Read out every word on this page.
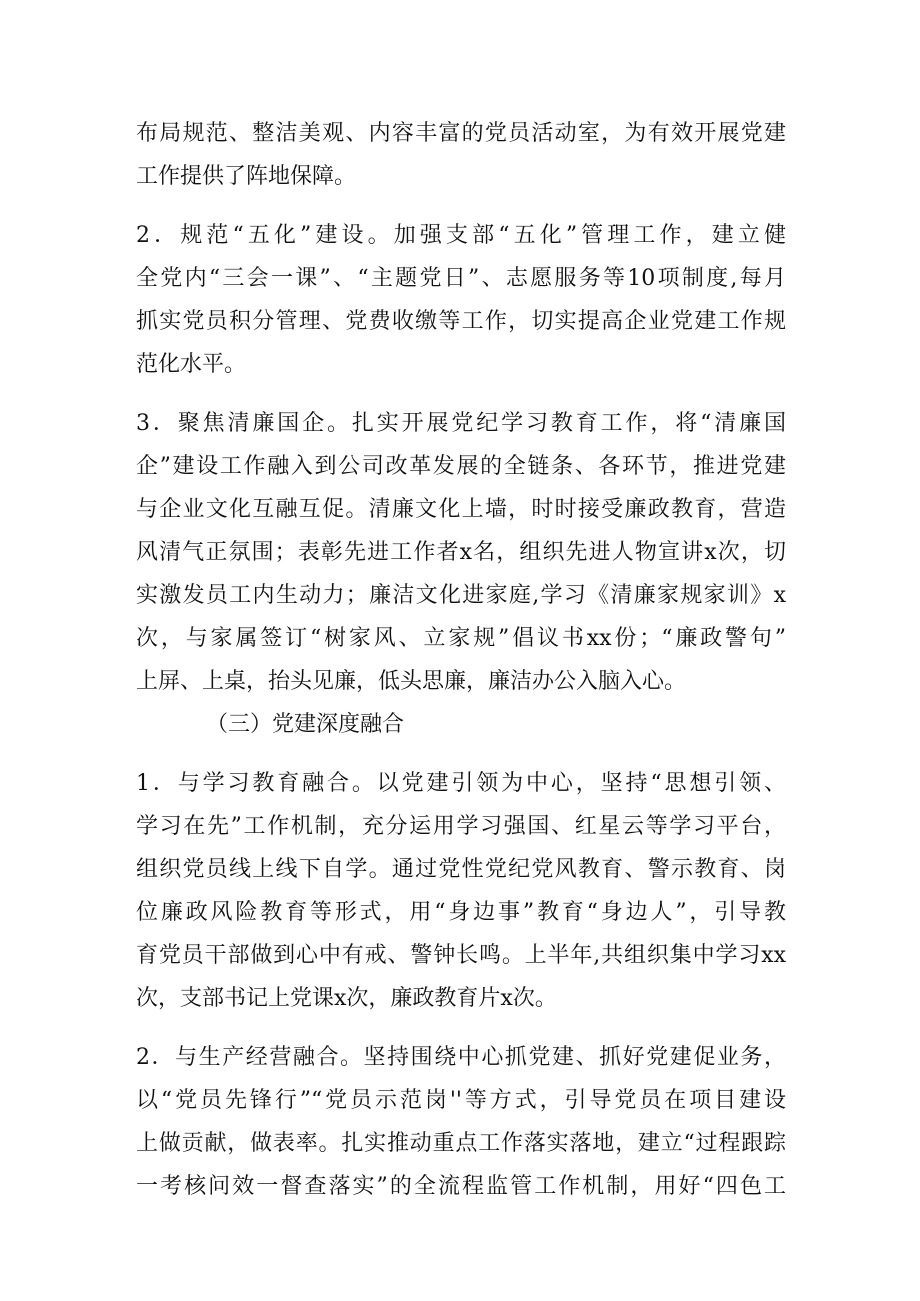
布局规范、整洁美观、内容丰富的党员活动室，为有效开展党建
工作提供了阵地保障。
2．规范“五化”建设。加强支部“五化”管理工作，建立健
全党内“三会一课”、“主题党日”、志愿服务等10项制度,每月
抓实党员积分管理、党费收缴等工作，切实提高企业党建工作规
范化水平。
3．聚焦清廉国企。扎实开展党纪学习教育工作，将“清廉国
企”建设工作融入到公司改革发展的全链条、各环节，推进党建
与企业文化互融互促。清廉文化上墙，时时接受廉政教育，营造
风清气正氛围；表彰先进工作者x名，组织先进人物宣讲x次，切
实激发员工内生动力；廉洁文化进家庭,学习《清廉家规家训》x
次，与家属签订“树家风、立家规”倡议书xx份；“廉政警句”
上屏、上桌，抬头见廉，低头思廉，廉洁办公入脑入心。
（三）党建深度融合
1．与学习教育融合。以党建引领为中心，坚持“思想引领、
学习在先”工作机制，充分运用学习强国、红星云等学习平台，
组织党员线上线下自学。通过党性党纪党风教育、警示教育、岗
位廉政风险教育等形式，用“身边事”教育“身边人”，引导教
育党员干部做到心中有戒、警钟长鸣。上半年,共组织集中学习xx
次，支部书记上党课x次，廉政教育片x次。
2．与生产经营融合。坚持围绕中心抓党建、抓好党建促业务，
以“党员先锋行”“党员示范岗''等方式，引导党员在项目建设
上做贡献，做表率。扎实推动重点工作落实落地，建立“过程跟踪
一考核问效一督查落实”的全流程监管工作机制，用好“四色工
